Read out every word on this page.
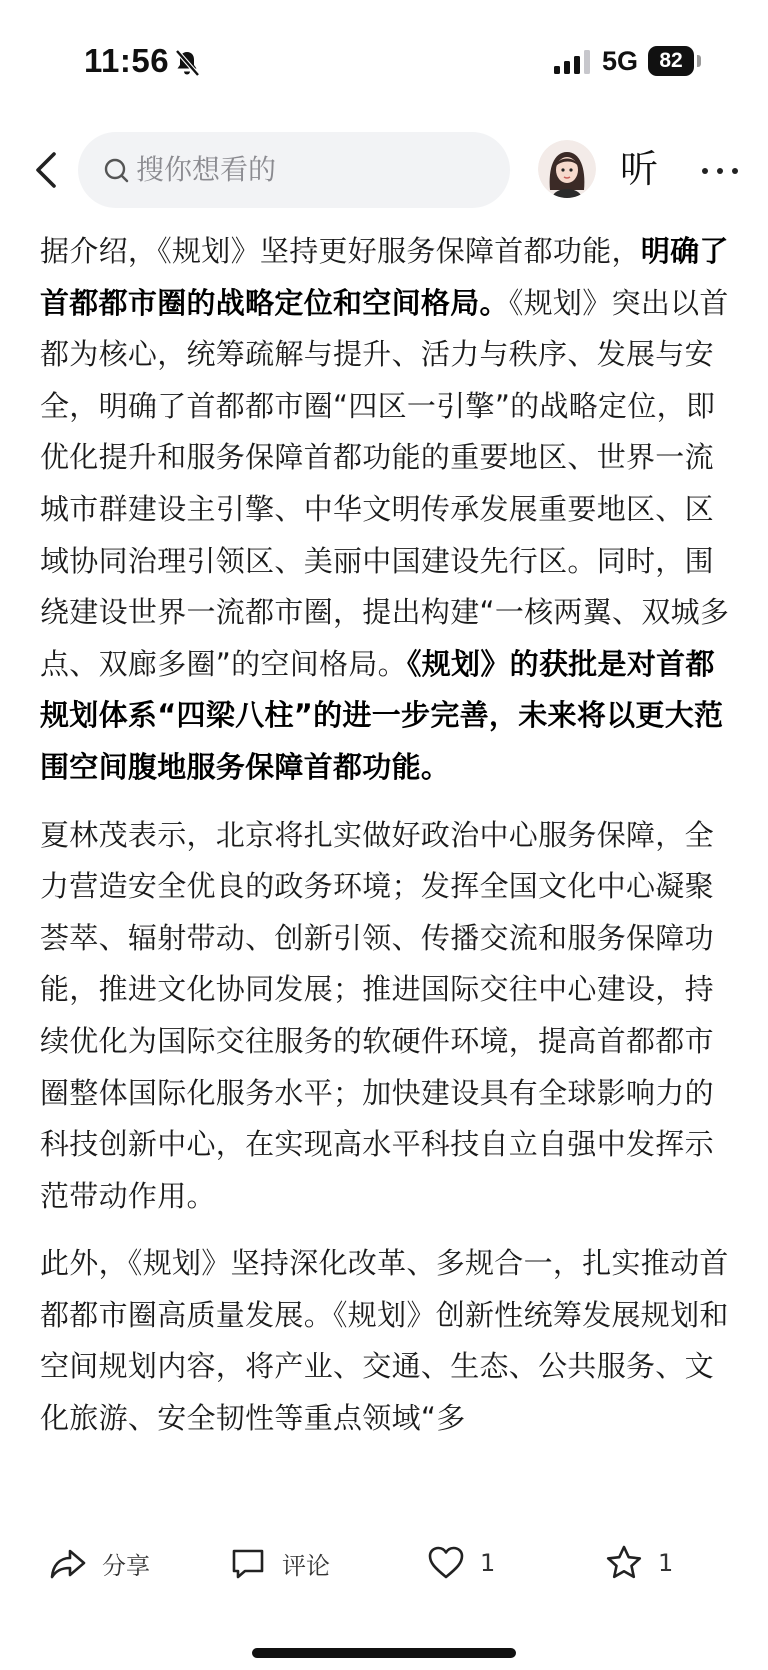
11:56	5G	82
搜你想看的	听

据介绍，《规划》坚持更好服务保障首都功能，明确了首都都市圈的战略定位和空间格局。《规划》突出以首都为核心，统筹疏解与提升、活力与秩序、发展与安全，明确了首都都市圈“四区一引擎”的战略定位，即优化提升和服务保障首都功能的重要地区、世界一流城市群建设主引擎、中华文明传承发展重要地区、区域协同治理引领区、美丽中国建设先行区。同时，围绕建设世界一流都市圈，提出构建“一核两翼、双城多点、双廊多圈”的空间格局。《规划》的获批是对首都规划体系“四梁八柱”的进一步完善，未来将以更大范围空间腹地服务保障首都功能。

夏林茂表示，北京将扎实做好政治中心服务保障，全力营造安全优良的政务环境；发挥全国文化中心凝聚荟萃、辐射带动、创新引领、传播交流和服务保障功能，推进文化协同发展；推进国际交往中心建设，持续优化为国际交往服务的软硬件环境，提高首都都市圈整体国际化服务水平；加快建设具有全球影响力的科技创新中心，在实现高水平科技自立自强中发挥示范带动作用。

此外，《规划》坚持深化改革、多规合一，扎实推动首都都市圈高质量发展。《规划》创新性统筹发展规划和空间规划内容，将产业、交通、生态、公共服务、文化旅游、安全韧性等重点领域“多

分享	评论	1	1
